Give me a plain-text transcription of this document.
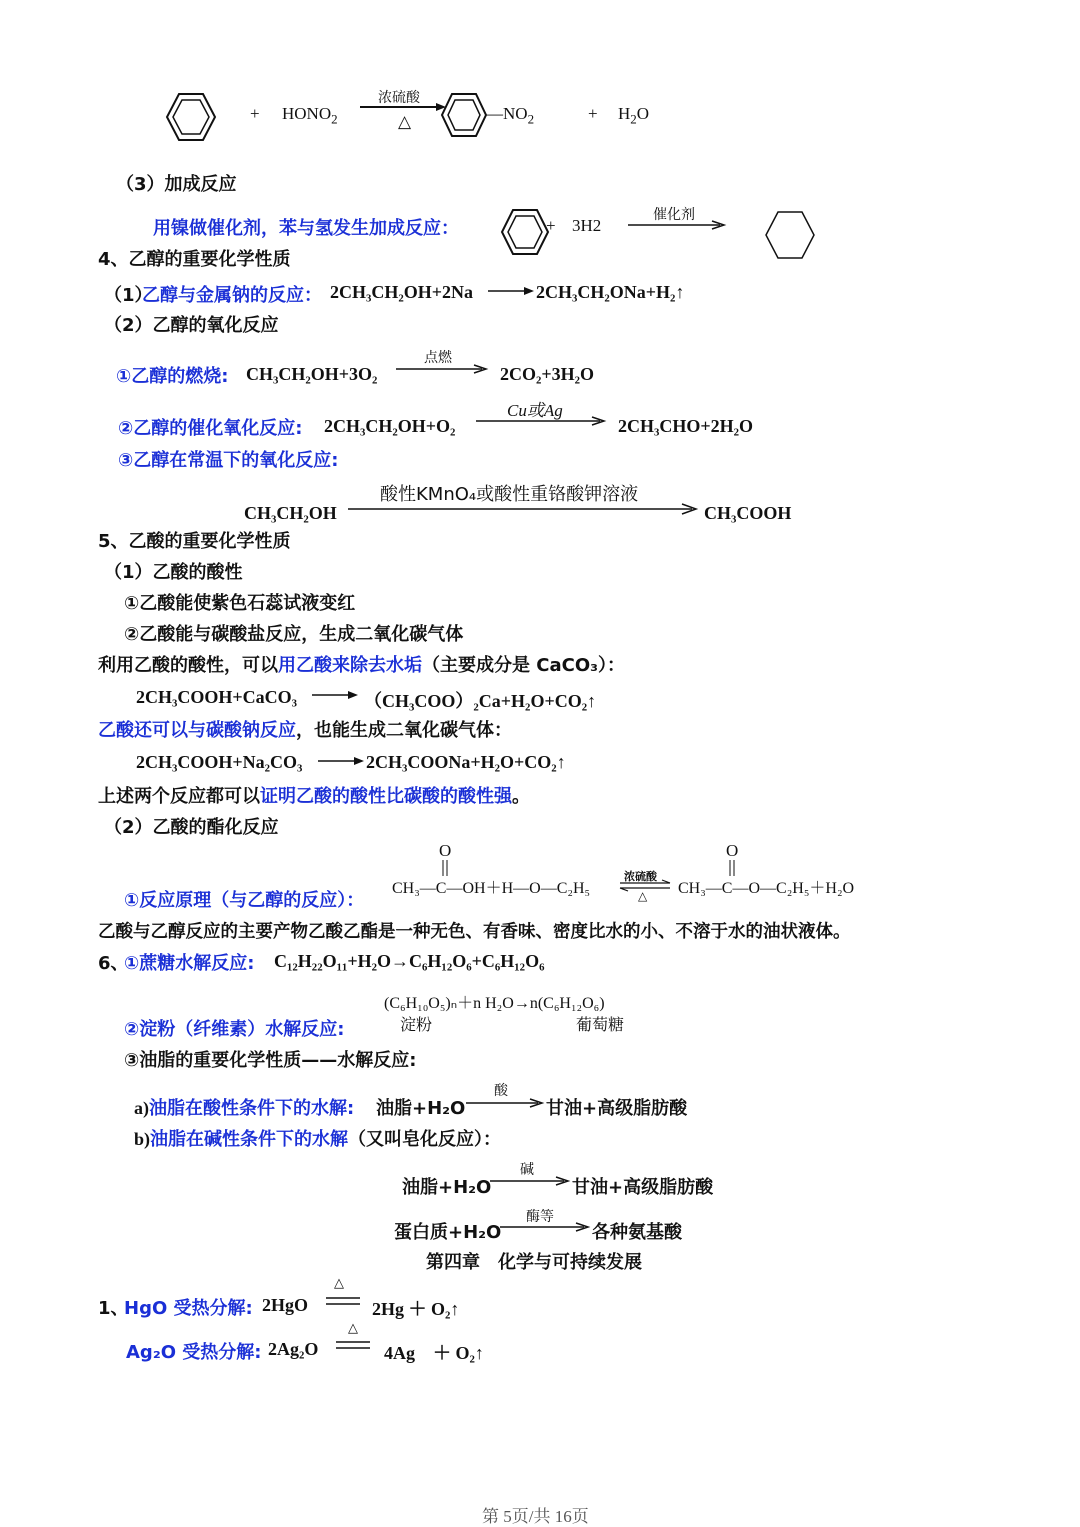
+ $HONO_2$
浓硫酸
△	$—NO_2$	+ $H_2O$
（3）加成反应
用镍做催化剂，苯与氢发生加成反应：	+ 3H2
催化剂
4、乙醇的重要化学性质
（1）
乙醇与金属钠的反应： 2CH₃CH₂OH+2Na → 2CH₃CH₂ONa+H₂↑
（2）乙醇的氧化反应
①乙醇的燃烧: CH₃CH₂OH+3O₂
点燃
2CO₂+3H₂O
②乙醇的催化氧化反应: 2CH₃CH₂OH+O₂
Cu或Ag
2CH₃CHO+2H₂O
③乙醇在常温下的氧化反应:
CH₃CH₂OH
酸性KMnO₄或酸性重铬酸钾溶液
CH₃COOH
5、乙酸的重要化学性质
（1）乙酸的酸性
①乙酸能使紫色石蕊试液变红
②乙酸能与碳酸盐反应，生成二氧化碳气体
利用乙酸的酸性，可以用乙酸来除去水垢（主要成分是 CaCO₃）：
2CH₃COOH+CaCO₃ → （CH₃COO）₂Ca+H₂O+CO₂↑
乙酸还可以与碳酸钠反应，也能生成二氧化碳气体：
2CH₃COOH+Na₂CO₃ → 2CH₃COONa+H₂O+CO₂↑
上述两个反应都可以证明乙酸的酸性比碳酸的酸性强。
（2）乙酸的酯化反应
①反应原理（与乙醇的反应）：
O
CH₃—C—OH＋H—O—C₂H₅
浓硫酸
△
O
CH₃—C—O—C₂H₅＋H₂O
乙酸与乙醇反应的主要产物乙酸乙酯是一种无色、有香味、密度比水的小、不溶于水的油状液体。
6、
①蔗糖水解反应: C₁₂H₂₂O₁₁+H₂O→C₆H₁₂O₆+C₆H₁₂O₆
(C₆H₁₀O₅)ₙ＋n H₂O→n(C₆H₁₂O₆)
淀粉	葡萄糖
②淀粉（纤维素）水解反应:
③油脂的重要化学性质——水解反应:
a)油脂在酸性条件下的水解: 油脂+H₂O
酸
甘油+高级脂肪酸
b)油脂在碱性条件下的水解（又叫皂化反应）：
油脂+H₂O
碱
甘油+高级脂肪酸
蛋白质+H₂O
酶等
各种氨基酸
第四章　化学与可持续发展
1、
HgO 受热分解: 2HgO
△
2Hg ＋ O₂↑
Ag₂O 受热分解: 2Ag₂O
△
4Ag　＋ O₂↑
第 5页/共 16页
